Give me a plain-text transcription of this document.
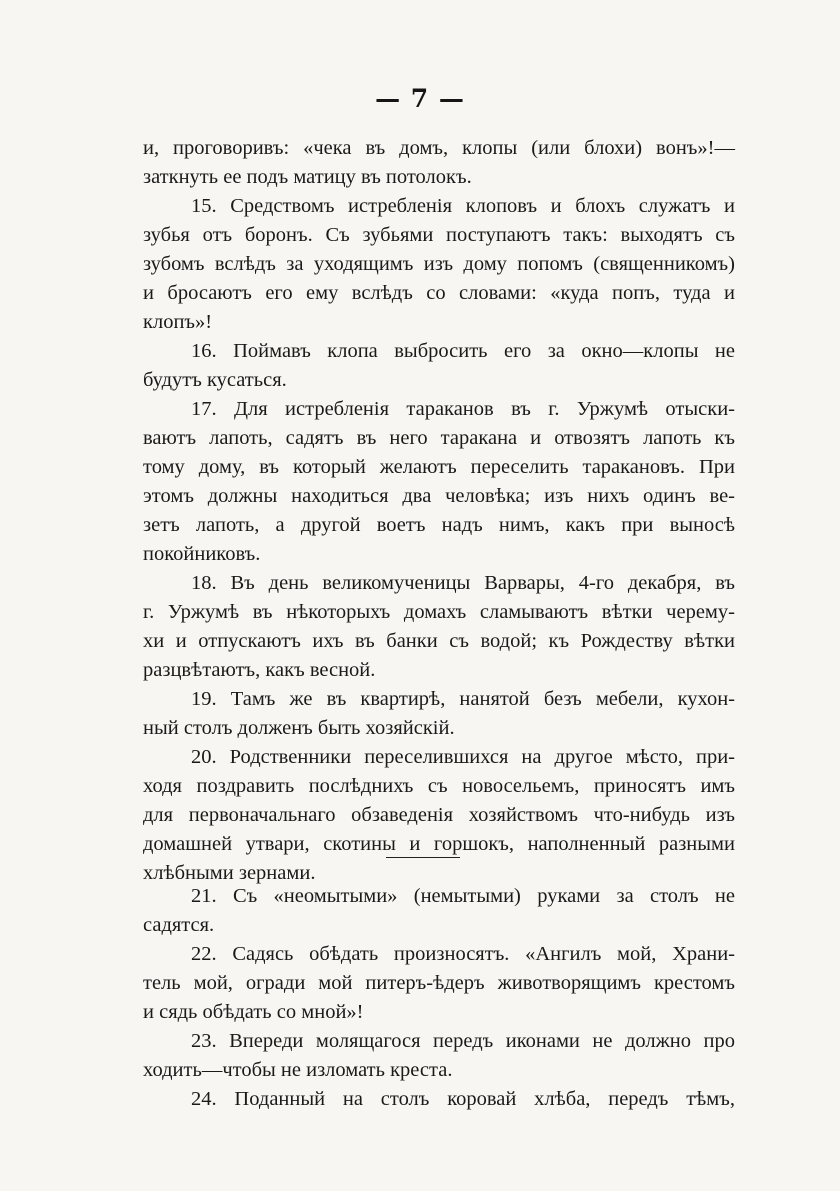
— 7 —
и, проговоривъ: «чека въ домъ, клопы (или блохи) вонъ»!—
заткнуть ее подъ матицу въ потолокъ.
15. Средствомъ истребленія клоповъ и блохъ служатъ и
зубья отъ боронъ. Съ зубьями поступаютъ такъ: выходятъ съ
зубомъ вслѣдъ за уходящимъ изъ дому попомъ (священникомъ)
и бросаютъ его ему вслѣдъ со словами: «куда попъ, туда и
клопъ»!
16. Поймавъ клопа выбросить его за окно—клопы не
будутъ кусаться.
17. Для истребленія тараканов въ г. Уржумѣ отыски-
ваютъ лапоть, садятъ въ него таракана и отвозятъ лапоть къ
тому дому, въ который желаютъ переселить таракановъ. При
этомъ должны находиться два человѣка; изъ нихъ одинъ ве-
зетъ лапоть, а другой воетъ надъ нимъ, какъ при выносѣ
покойниковъ.
18. Въ день великомученицы Варвары, 4-го декабря, въ
г. Уржумѣ въ нѣкоторыхъ домахъ сламываютъ вѣтки черему-
хи и отпускаютъ ихъ въ банки съ водой; къ Рождеству вѣтки
разцвѣтаютъ, какъ весной.
19. Тамъ же въ квартирѣ, нанятой безъ мебели, кухон-
ный столъ долженъ быть хозяйскій.
20. Родственники переселившихся на другое мѣсто, при-
ходя поздравить послѣднихъ съ новосельемъ, приносятъ имъ
для первоначальнаго обзаведенія хозяйствомъ что-нибудь изъ
домашней утвари, скотины и горшокъ, наполненный разными
хлѣбными зернами.
21. Съ «неомытыми» (немытыми) руками за столъ не
садятся.
22. Садясь обѣдать произносятъ. «Ангилъ мой, Храни-
тель мой, огради мой питеръ-ѣдеръ животворящимъ крестомъ
и сядь обѣдать со мной»!
23. Впереди молящагося передъ иконами не должно про
ходить—чтобы не изломать креста.
24. Поданный на столъ коровай хлѣба, передъ тѣмъ,
